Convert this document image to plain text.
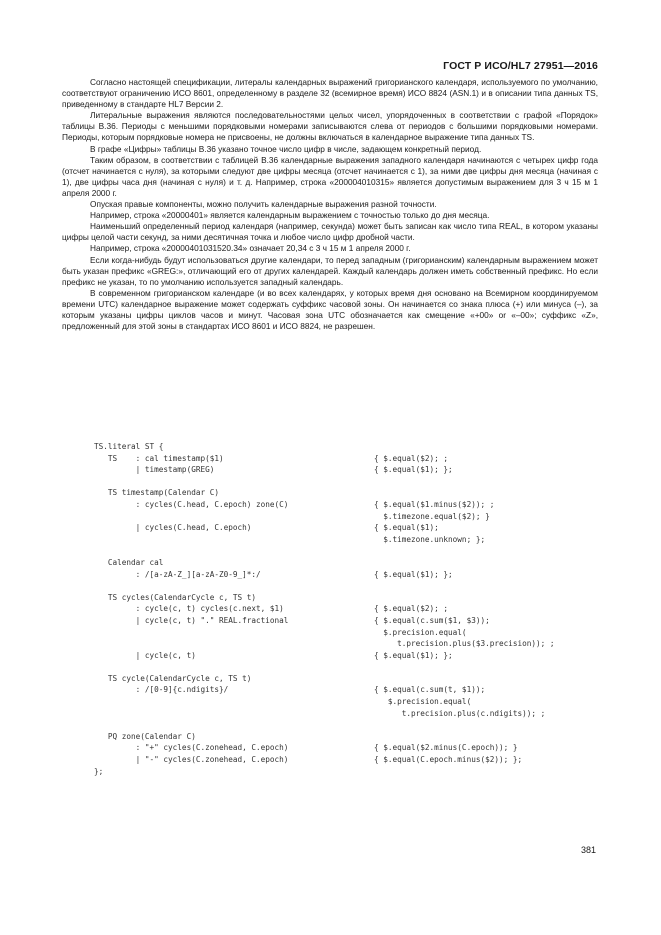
ГОСТ Р ИСО/HL7 27951—2016

Согласно настоящей спецификации, литералы календарных выражений григорианского календаря, используемого по умолчанию, соответствуют ограничению ИСО 8601, определенному в разделе 32 (всемирное время) ИСО 8824 (ASN.1) и в описании типа данных TS, приведенному в стандарте HL7 Версии 2.

Литеральные выражения являются последовательностями целых чисел, упорядоченных в соответствии с графой «Порядок» таблицы B.36. Периоды с меньшими порядковыми номерами записываются слева от периодов с большими порядковыми номерами. Периоды, которым порядковые номера не присвоены, не должны включаться в календарное выражение типа данных TS.

В графе «Цифры» таблицы B.36 указано точное число цифр в числе, задающем конкретный период.

Таким образом, в соответствии с таблицей B.36 календарные выражения западного календаря начинаются с четырех цифр года (отсчет начинается с нуля), за которыми следуют две цифры месяца (отсчет начинается с 1), за ними две цифры дня месяца (начиная с 1), две цифры часа дня (начиная с нуля) и т. д. Например, строка «200004010315» является допустимым выражением для 3 ч 15 м 1 апреля 2000 г.

Опуская правые компоненты, можно получить календарные выражения разной точности.

Например, строка «20000401» является календарным выражением с точностью только до дня месяца.

Наименьший определенный период календаря (например, секунда) может быть записан как число типа REAL, в котором указаны цифры целой части секунд, за ними десятичная точка и любое число цифр дробной части.

Например, строка «20000401031520.34» означает 20,34 с 3 ч 15 м 1 апреля 2000 г.

Если когда-нибудь будут использоваться другие календари, то перед западным (григорианским) календарным выражением может быть указан префикс «GREG:», отличающий его от других календарей. Каждый календарь должен иметь собственный префикс. Но если префикс не указан, то по умолчанию используется западный календарь.

В современном григорианском календаре (и во всех календарях, у которых время дня основано на Всемирном координируемом времени UTC) календарное выражение может содержать суффикс часовой зоны. Он начинается со знака плюса (+) или минуса (–), за которым указаны цифры циклов часов и минут. Часовая зона UTC обозначается как смещение «+00» or «–00»; суффикс «Z», предложенный для этой зоны в стандартах ИСО 8601 и ИСО 8824, не разрешен.

TS.literal ST {
TS    : cal timestamp($1)	{ $.equal($2); ;
| timestamp(GREG)	{ $.equal($1); };
TS timestamp(Calendar C)
: cycles(C.head, C.epoch) zone(C)	{ $.equal($1.minus($2)); ;
$.timezone.equal($2); }
| cycles(C.head, C.epoch)	{ $.equal($1);
$.timezone.unknown; };
Calendar cal
: /[a-zA-Z_][a-zA-Z0-9_]*:/	{ $.equal($1); };
TS cycles(CalendarCycle c, TS t)
: cycle(c, t) cycles(c.next, $1)	{ $.equal($2); ;
| cycle(c, t) "." REAL.fractional	{ $.equal(c.sum($1, $3));
$.precision.equal(
t.precision.plus($3.precision)); ;
| cycle(c, t)	{ $.equal($1); };
TS cycle(CalendarCycle c, TS t)
: /[0-9]{c.ndigits}/	{ $.equal(c.sum(t, $1));
$.precision.equal(
t.precision.plus(c.ndigits)); ;
PQ zone(Calendar C)
: "+" cycles(C.zonehead, C.epoch)	{ $.equal($2.minus(C.epoch)); }
| "-" cycles(C.zonehead, C.epoch)	{ $.equal(C.epoch.minus($2)); };
};
381
